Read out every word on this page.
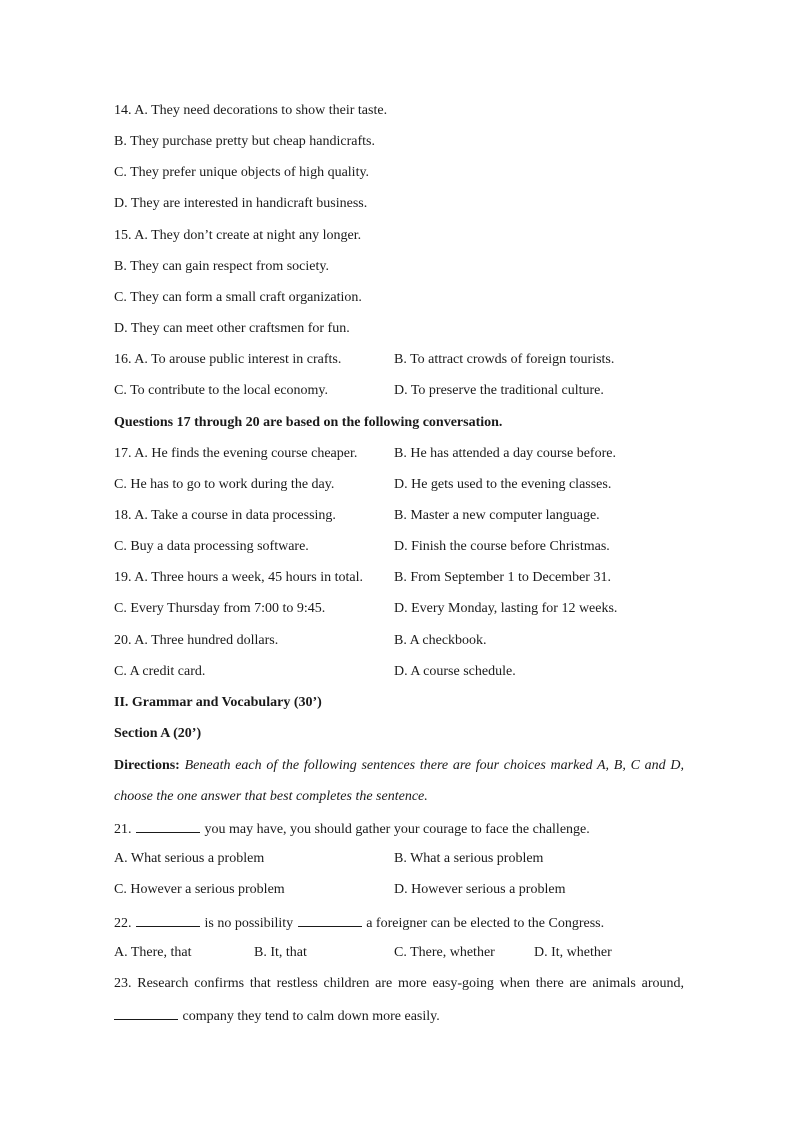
14. A. They need decorations to show their taste.
B. They purchase pretty but cheap handicrafts.
C. They prefer unique objects of high quality.
D. They are interested in handicraft business.
15. A. They don’t create at night any longer.
B. They can gain respect from society.
C. They can form a small craft organization.
D. They can meet other craftsmen for fun.
16. A. To arouse public interest in crafts.	B. To attract crowds of foreign tourists.
C. To contribute to the local economy.	D. To preserve the traditional culture.
Questions 17 through 20 are based on the following conversation.
17. A. He finds the evening course cheaper.	B. He has attended a day course before.
C. He has to go to work during the day.	D. He gets used to the evening classes.
18. A. Take a course in data processing.	B. Master a new computer language.
C. Buy a data processing software.	D. Finish the course before Christmas.
19. A. Three hours a week, 45 hours in total. B. From September 1 to December 31.
C. Every Thursday from 7:00 to 9:45.	D. Every Monday, lasting for 12 weeks.
20. A. Three hundred dollars.	B. A checkbook.
C. A credit card.	D. A course schedule.
II. Grammar and Vocabulary (30’)
Section A (20’)
Directions: Beneath each of the following sentences there are four choices marked A, B, C and D,
choose the one answer that best completes the sentence.
21.	you may have, you should gather your courage to face the challenge.
A. What serious a problem	B. What a serious problem
C. However a serious problem	D. However serious a problem
22.	is no possibility	a foreigner can be elected to the Congress.
A. There, that	B. It, that	C. There, whether	D. It, whether
23. Research confirms that restless children are more easy-going when there are animals around,
company they tend to calm down more easily.
